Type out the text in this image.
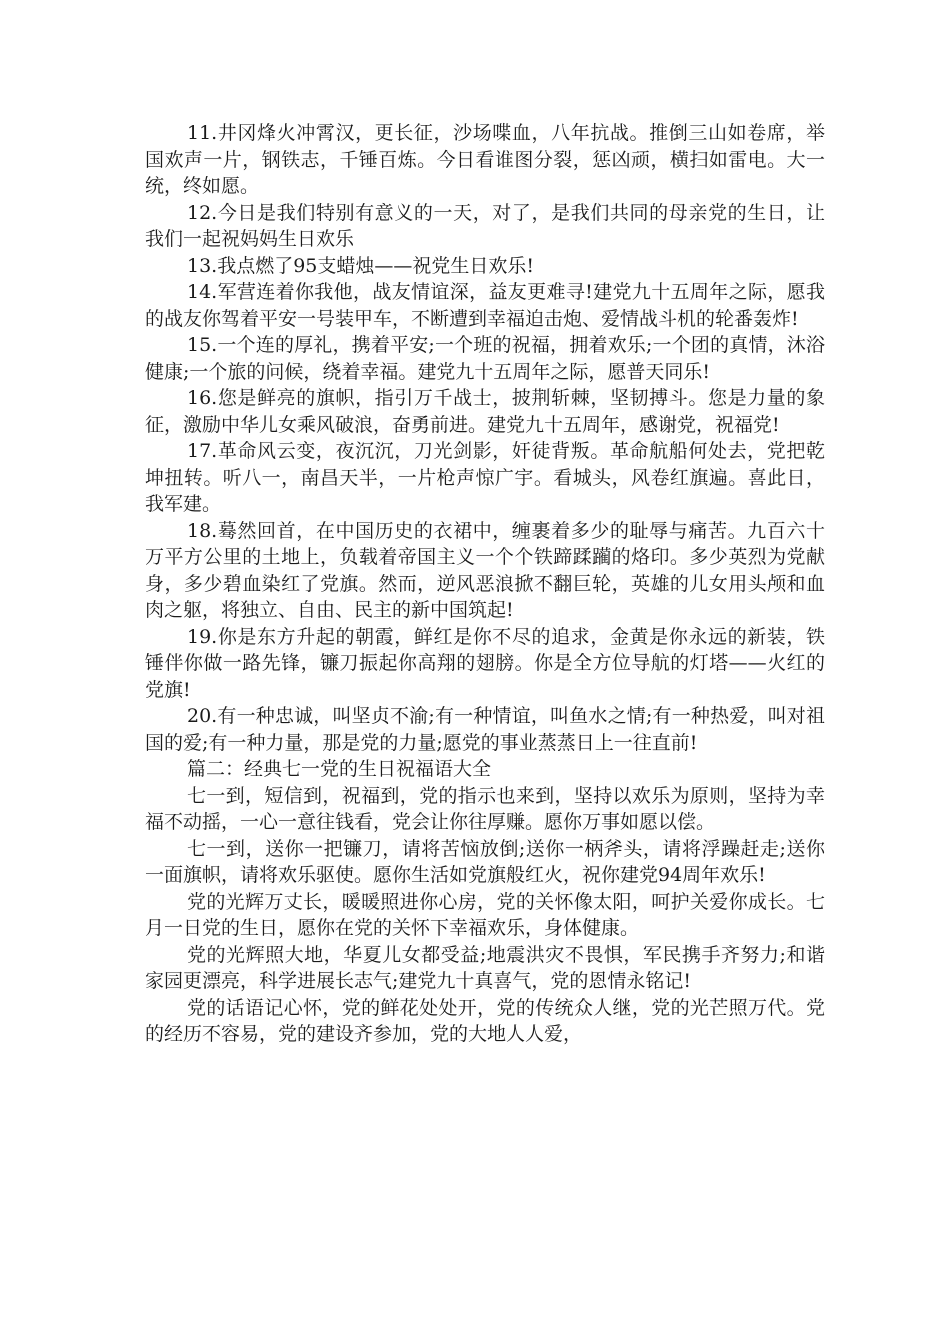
11.井冈烽火冲霄汉，更长征，沙场喋血，八年抗战。推倒三山如卷席，举国欢声一片，钢铁志，千锤百炼。今日看谁图分裂，惩凶顽，横扫如雷电。大一统，终如愿。

12.今日是我们特别有意义的一天，对了，是我们共同的母亲党的生日，让我们一起祝妈妈生日欢乐

13.我点燃了95支蜡烛——祝党生日欢乐!

14.军营连着你我他，战友情谊深，益友更难寻!建党九十五周年之际，愿我的战友你驾着平安一号装甲车，不断遭到幸福迫击炮、爱情战斗机的轮番轰炸!

15.一个连的厚礼，携着平安;一个班的祝福，拥着欢乐;一个团的真情，沐浴健康;一个旅的问候，绕着幸福。建党九十五周年之际，愿普天同乐!

16.您是鲜亮的旗帜，指引万千战士，披荆斩棘，坚韧搏斗。您是力量的象征，激励中华儿女乘风破浪，奋勇前进。建党九十五周年，感谢党，祝福党!

17.革命风云变，夜沉沉，刀光剑影，奸徒背叛。革命航船何处去，党把乾坤扭转。听八一，南昌天半，一片枪声惊广宇。看城头，风卷红旗遍。喜此日，我军建。

18.蓦然回首，在中国历史的衣裙中，缠裹着多少的耻辱与痛苦。九百六十万平方公里的土地上，负载着帝国主义一个个铁蹄蹂躏的烙印。多少英烈为党献身，多少碧血染红了党旗。然而，逆风恶浪掀不翻巨轮，英雄的儿女用头颅和血肉之躯，将独立、自由、民主的新中国筑起!

19.你是东方升起的朝霞，鲜红是你不尽的追求，金黄是你永远的新装，铁锤伴你做一路先锋，镰刀振起你高翔的翅膀。你是全方位导航的灯塔——火红的党旗!

20.有一种忠诚，叫坚贞不渝;有一种情谊，叫鱼水之情;有一种热爱，叫对祖国的爱;有一种力量，那是党的力量;愿党的事业蒸蒸日上一往直前!

篇二：经典七一党的生日祝福语大全

七一到，短信到，祝福到，党的指示也来到，坚持以欢乐为原则，坚持为幸福不动摇，一心一意往钱看，党会让你往厚赚。愿你万事如愿以偿。

七一到，送你一把镰刀，请将苦恼放倒;送你一柄斧头，请将浮躁赶走;送你一面旗帜，请将欢乐驱使。愿你生活如党旗般红火，祝你建党94周年欢乐!

党的光辉万丈长，暖暖照进你心房，党的关怀像太阳，呵护关爱你成长。七月一日党的生日，愿你在党的关怀下幸福欢乐，身体健康。

党的光辉照大地，华夏儿女都受益;地震洪灾不畏惧，军民携手齐努力;和谐家园更漂亮，科学进展长志气;建党九十真喜气，党的恩情永铭记!

党的话语记心怀，党的鲜花处处开，党的传统众人继，党的光芒照万代。党的经历不容易，党的建设齐参加，党的大地人人爱，
